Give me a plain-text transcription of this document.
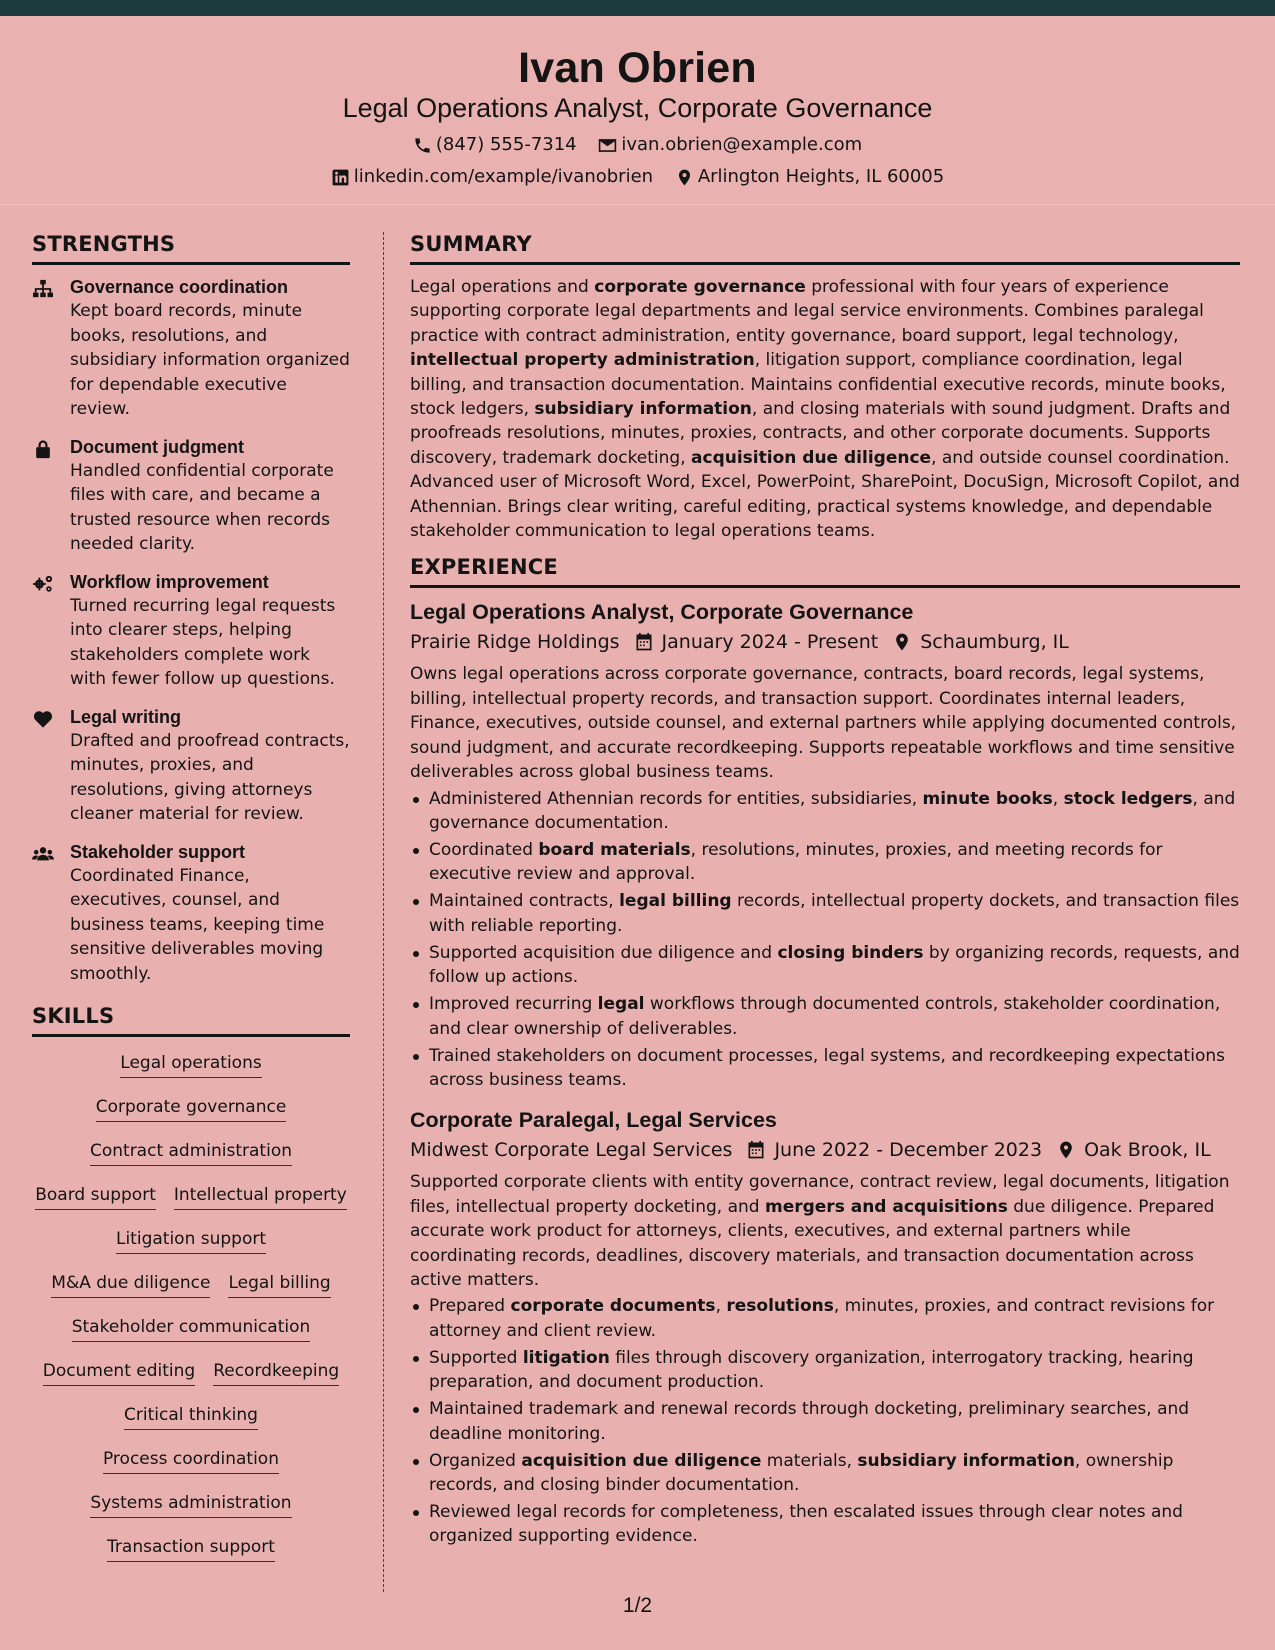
Ivan Obrien
Legal Operations Analyst, Corporate Governance
(847) 555-7314
ivan.obrien@example.com
linkedin.com/example/ivanobrien
Arlington Heights, IL 60005
STRENGTHS
Governance coordination
Kept board records, minute books, resolutions, and subsidiary information organized for dependable executive review.
Document judgment
Handled confidential corporate files with care, and became a trusted resource when records needed clarity.
Workflow improvement
Turned recurring legal requests into clearer steps, helping stakeholders complete work with fewer follow up questions.
Legal writing
Drafted and proofread contracts, minutes, proxies, and resolutions, giving attorneys cleaner material for review.
Stakeholder support
Coordinated Finance, executives, counsel, and business teams, keeping time sensitive deliverables moving smoothly.
SKILLS
Legal operations
Corporate governance
Contract administration
Board support Intellectual property
Litigation support
M&A due diligence Legal billing
Stakeholder communication
Document editing Recordkeeping
Critical thinking
Process coordination
Systems administration
Transaction support
SUMMARY

Legal operations and corporate governance professional with four years of experience supporting corporate legal departments and legal service environments. Combines paralegal practice with contract administration, entity governance, board support, legal technology, intellectual property administration, litigation support, compliance coordination, legal billing, and transaction documentation. Maintains confidential executive records, minute books, stock ledgers, subsidiary information, and closing materials with sound judgment. Drafts and proofreads resolutions, minutes, proxies, contracts, and other corporate documents. Supports discovery, trademark docketing, acquisition due diligence, and outside counsel coordination. Advanced user of Microsoft Word, Excel, PowerPoint, SharePoint, DocuSign, Microsoft Copilot, and Athennian. Brings clear writing, careful editing, practical systems knowledge, and dependable stakeholder communication to legal operations teams.

EXPERIENCE
Legal Operations Analyst, Corporate Governance
Prairie Ridge Holdings January 2024 - Present Schaumburg, IL

Owns legal operations across corporate governance, contracts, board records, legal systems, billing, intellectual property records, and transaction support. Coordinates internal leaders, Finance, executives, outside counsel, and external partners while applying documented controls, sound judgment, and accurate recordkeeping. Supports repeatable workflows and time sensitive deliverables across global business teams.

Administered Athennian records for entities, subsidiaries, minute books, stock ledgers, and governance documentation.
Coordinated board materials, resolutions, minutes, proxies, and meeting records for executive review and approval.
Maintained contracts, legal billing records, intellectual property dockets, and transaction files with reliable reporting.
Supported acquisition due diligence and closing binders by organizing records, requests, and follow up actions.
Improved recurring legal workflows through documented controls, stakeholder coordination, and clear ownership of deliverables.
Trained stakeholders on document processes, legal systems, and recordkeeping expectations across business teams.
Corporate Paralegal, Legal Services
Midwest Corporate Legal Services June 2022 - December 2023 Oak Brook, IL

Supported corporate clients with entity governance, contract review, legal documents, litigation files, intellectual property docketing, and mergers and acquisitions due diligence. Prepared accurate work product for attorneys, clients, executives, and external partners while coordinating records, deadlines, discovery materials, and transaction documentation across active matters.

Prepared corporate documents, resolutions, minutes, proxies, and contract revisions for attorney and client review.
Supported litigation files through discovery organization, interrogatory tracking, hearing preparation, and document production.
Maintained trademark and renewal records through docketing, preliminary searches, and deadline monitoring.
Organized acquisition due diligence materials, subsidiary information, ownership records, and closing binder documentation.
Reviewed legal records for completeness, then escalated issues through clear notes and organized supporting evidence.
1/2
